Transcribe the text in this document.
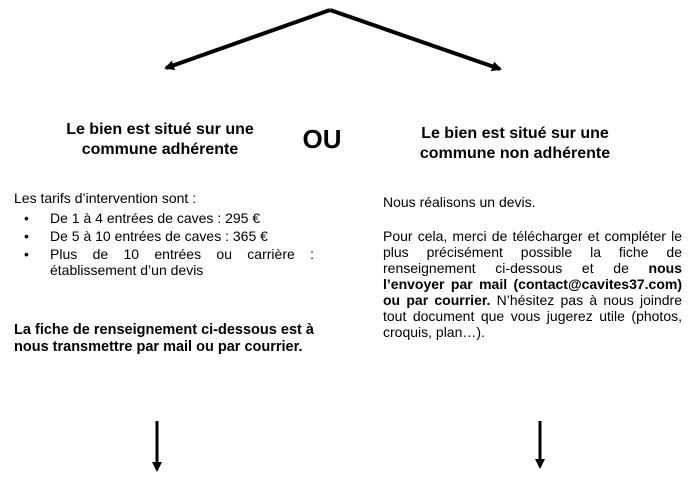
Le bien est situé sur une
commune adhérente	OU	Le bien est situé sur une
commune non adhérente

Les tarifs d’intervention sont :

• De 1 à 4 entrées de caves : 295 €
• De 5 à 10 entrées de caves : 365 €
• Plus de 10 entrées ou carrière : établissement d’un devis
La fiche de renseignement ci-dessous est à nous transmettre par mail ou par courrier.

Nous réalisons un devis.

Pour cela, merci de télécharger et compléter le plus précisément possible la fiche de renseignement ci-dessous et de nous l’envoyer par mail (contact@cavites37.com) ou par courrier. N’hésitez pas à nous joindre tout document que vous jugerez utile (photos, croquis, plan…).
